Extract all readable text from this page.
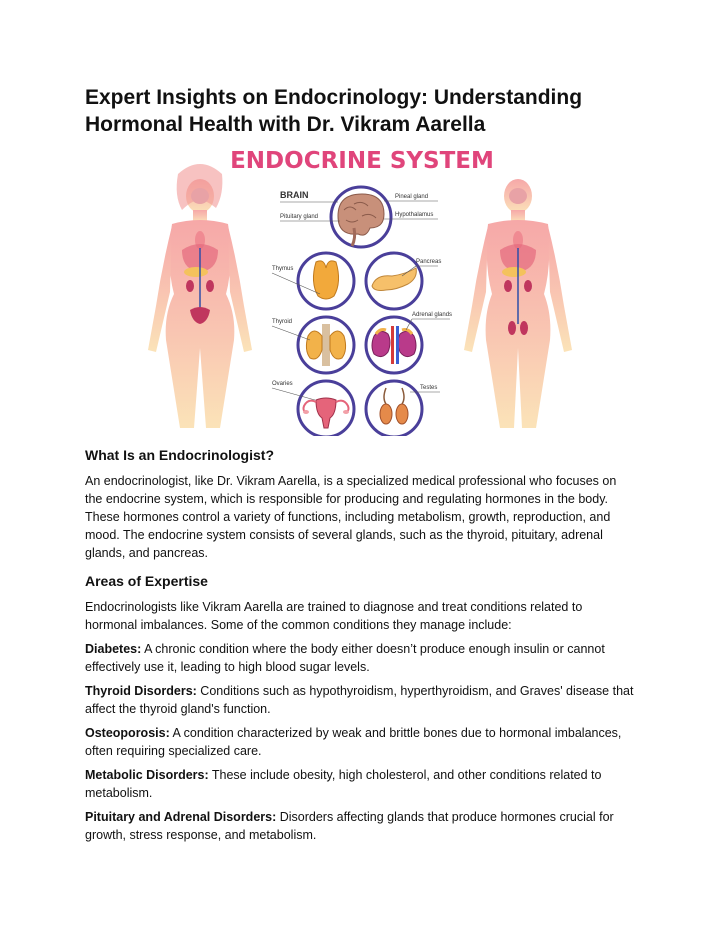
Expert Insights on Endocrinology: Understanding Hormonal Health with Dr. Vikram Aarella
ENDOCRINE SYSTEM
BRAIN
Pituitary gland
Pineal gland
Hypothalamus
Thymus
Pancreas
Thyroid
Adrenal glands
Ovaries
Testes
What Is an Endocrinologist?

An endocrinologist, like Dr. Vikram Aarella, is a specialized medical professional who focuses on the endocrine system, which is responsible for producing and regulating hormones in the body. These hormones control a variety of functions, including metabolism, growth, reproduction, and mood. The endocrine system consists of several glands, such as the thyroid, pituitary, adrenal glands, and pancreas.

Areas of Expertise

Endocrinologists like Vikram Aarella are trained to diagnose and treat conditions related to hormonal imbalances. Some of the common conditions they manage include:

Diabetes: A chronic condition where the body either doesn’t produce enough insulin or cannot effectively use it, leading to high blood sugar levels.

Thyroid Disorders: Conditions such as hypothyroidism, hyperthyroidism, and Graves' disease that affect the thyroid gland's function.

Osteoporosis: A condition characterized by weak and brittle bones due to hormonal imbalances, often requiring specialized care.

Metabolic Disorders: These include obesity, high cholesterol, and other conditions related to metabolism.

Pituitary and Adrenal Disorders: Disorders affecting glands that produce hormones crucial for growth, stress response, and metabolism.
